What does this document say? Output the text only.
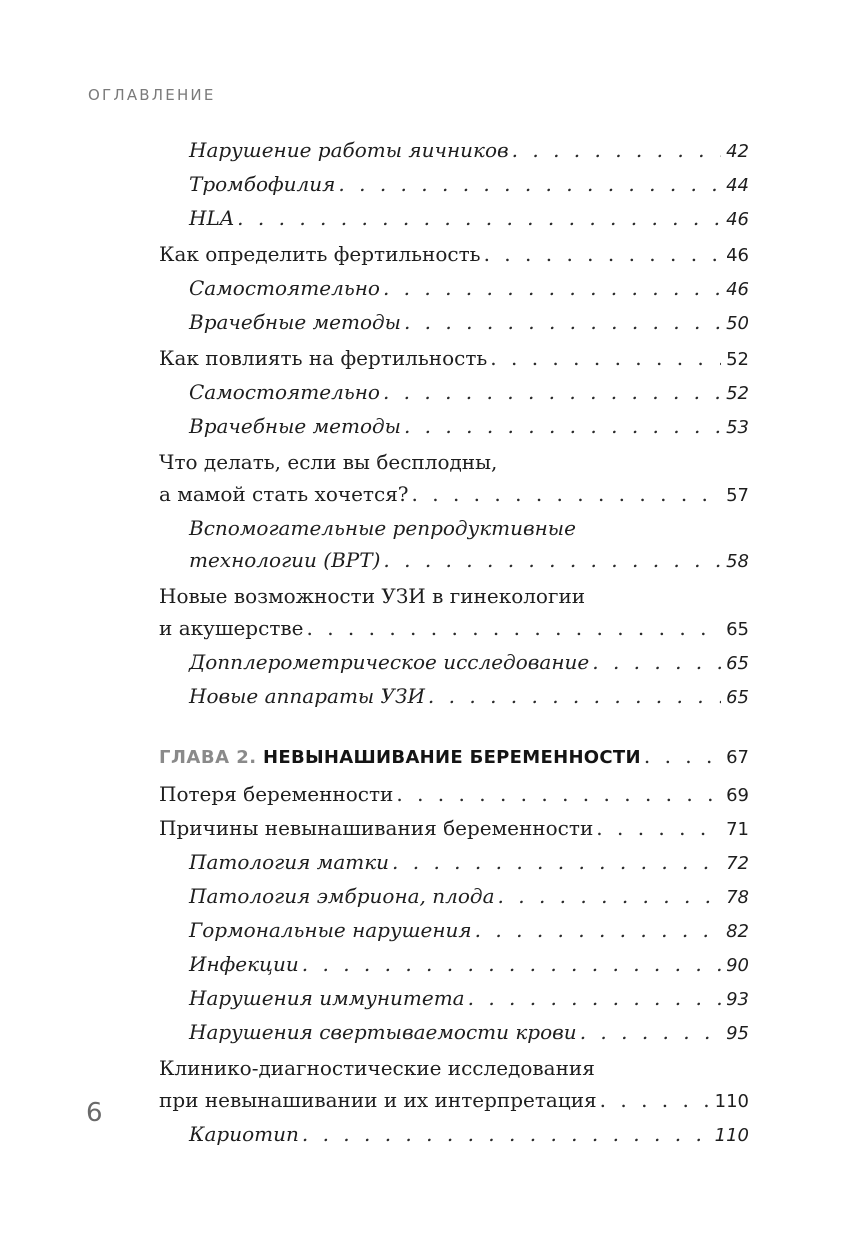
ОГЛАВЛЕНИЕ
Нарушение работы яичников . . .	42
Тромбофилия . . .	44
HLA . . .	46
Как определить фертильность . . .	46
Самостоятельно . . .	46
Врачебные методы . . .	50
Как повлиять на фертильность . . .	52
Самостоятельно . . .	52
Врачебные методы . . .	53
Что делать, если вы бесплодны,
а мамой стать хочется? . . .	57
Вспомогательные репродуктивные
технологии (ВРТ) . . .	58
Новые возможности УЗИ в гинекологии
и акушерстве . . .	65
Допплерометрическое исследование . . .	65
Новые аппараты УЗИ . . .	65
ГЛАВА 2. НЕВЫНАШИВАНИЕ БЕРЕМЕННОСТИ . . .	67
Потеря беременности . . .	69
Причины невынашивания беременности . . .	71
Патология матки . . .	72
Патология эмбриона, плода . . .	78
Гормональные нарушения . . .	82
Инфекции . . .	90
Нарушения иммунитета . . .	93
Нарушения свертываемости крови . . .	95
Клинико-диагностические исследования
при невынашивании и их интерпретация . . .	110
Кариотип . . .	110
6
